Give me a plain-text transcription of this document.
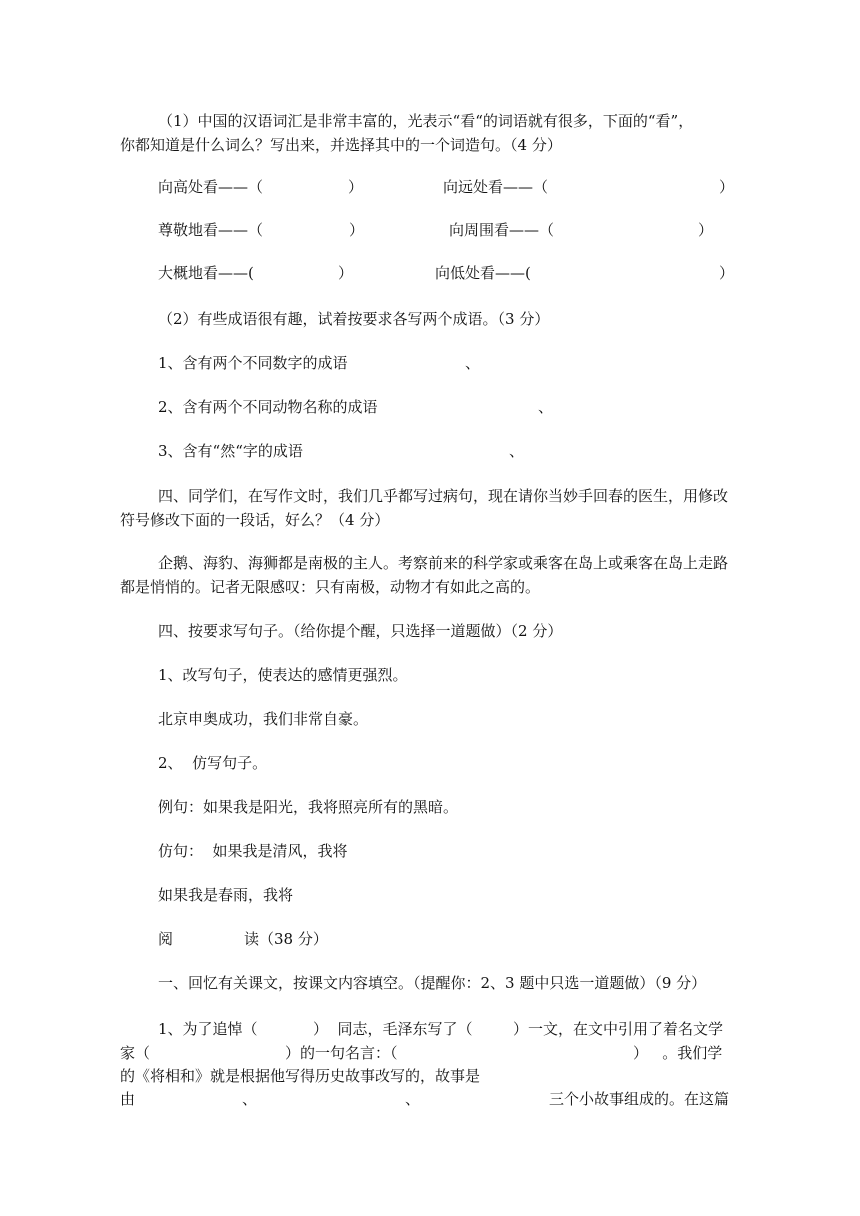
（1）中国的汉语词汇是非常丰富的，光表示“看“的词语就有很多，下面的“看”，
你都知道是什么词么？写出来，并选择其中的一个词造句。（4 分）
向高处看——（	）	向远处看——（	）
尊敬地看——（	）	向周围看——（	）
大概地看——(	）	向低处看——(	）
（2）有些成语很有趣，试着按要求各写两个成语。（3 分）
1、含有两个不同数字的成语	、
2、含有两个不同动物名称的成语	、
3、含有“然“字的成语	、
四、同学们，在写作文时，我们几乎都写过病句，现在请你当妙手回春的医生，用修改
符号修改下面的一段话，好么？（4 分）
企鹅、海豹、海狮都是南极的主人。考察前来的科学家或乘客在岛上或乘客在岛上走路
都是悄悄的。记者无限感叹：只有南极，动物才有如此之高的。
四、按要求写句子。（给你提个醒，只选择一道题做）（2 分）
1、改写句子，使表达的感情更强烈。
北京申奥成功，我们非常自豪。
2、  仿写句子。
例句：如果我是阳光，我将照亮所有的黑暗。
仿句：  如果我是清风，我将
如果我是春雨，我将
阅	读（38 分）
一、回忆有关课文，按课文内容填空。（提醒你：2、3 题中只选一道题做）（9 分）
1、为了追悼（	）  同志，毛泽东写了（	）一文，在文中引用了着名文学
家（	）的一句名言：（	）   。我们学
的《将相和》就是根据他写得历史故事改写的，故事是
由	、	、	三个小故事组成的。在这篇
